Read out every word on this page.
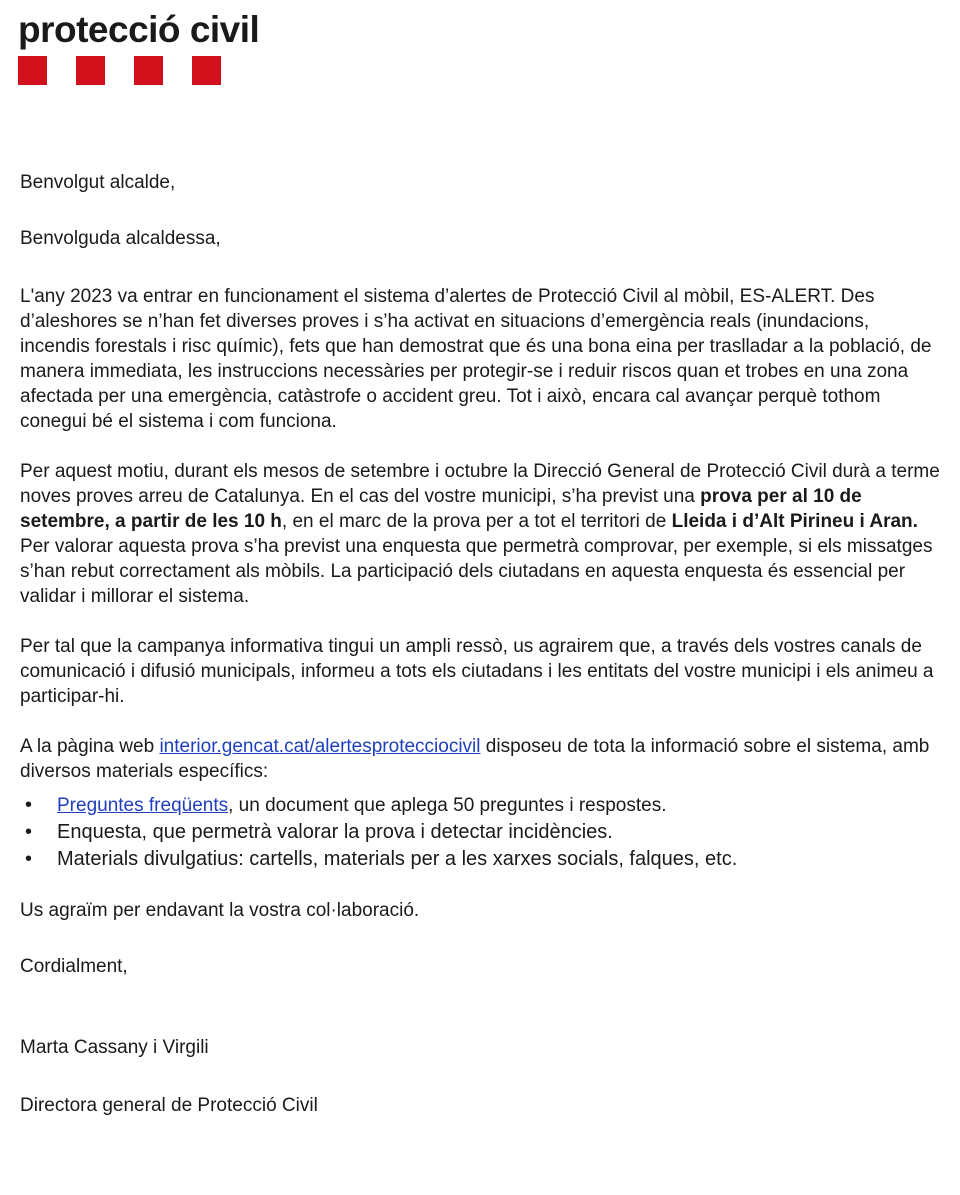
protecció civil

Benvolgut alcalde,

Benvolguda alcaldessa,

L'any 2023 va entrar en funcionament el sistema d’alertes de Protecció Civil al mòbil, ES-ALERT. Des d’aleshores se n’han fet diverses proves i s’ha activat en situacions d’emergència reals (inundacions, incendis forestals i risc químic), fets que han demostrat que és una bona eina per traslladar a la població, de manera immediata, les instruccions necessàries per protegir-se i reduir riscos quan et trobes en una zona afectada per una emergència, catàstrofe o accident greu. Tot i això, encara cal avançar perquè tothom conegui bé el sistema i com funciona.

Per aquest motiu, durant els mesos de setembre i octubre la Direcció General de Protecció Civil durà a terme noves proves arreu de Catalunya. En el cas del vostre municipi, s’ha previst una prova per al 10 de setembre, a partir de les 10 h, en el marc de la prova per a tot el territori de Lleida i d’Alt Pirineu i Aran. Per valorar aquesta prova s’ha previst una enquesta que permetrà comprovar, per exemple, si els missatges s’han rebut correctament als mòbils. La participació dels ciutadans en aquesta enquesta és essencial per validar i millorar el sistema.

Per tal que la campanya informativa tingui un ampli ressò, us agrairem que, a través dels vostres canals de comunicació i difusió municipals, informeu a tots els ciutadans i les entitats del vostre municipi i els animeu a participar-hi.

A la pàgina web interior.gencat.cat/alertesprotecciocivil disposeu de tota la informació sobre el sistema, amb diversos materials específics:

• Preguntes freqüents, un document que aplega 50 preguntes i respostes.
• Enquesta, que permetrà valorar la prova i detectar incidències.
• Materials divulgatius: cartells, materials per a les xarxes socials, falques, etc.

Us agraïm per endavant la vostra col·laboració.

Cordialment,

Marta Cassany i Virgili

Directora general de Protecció Civil
